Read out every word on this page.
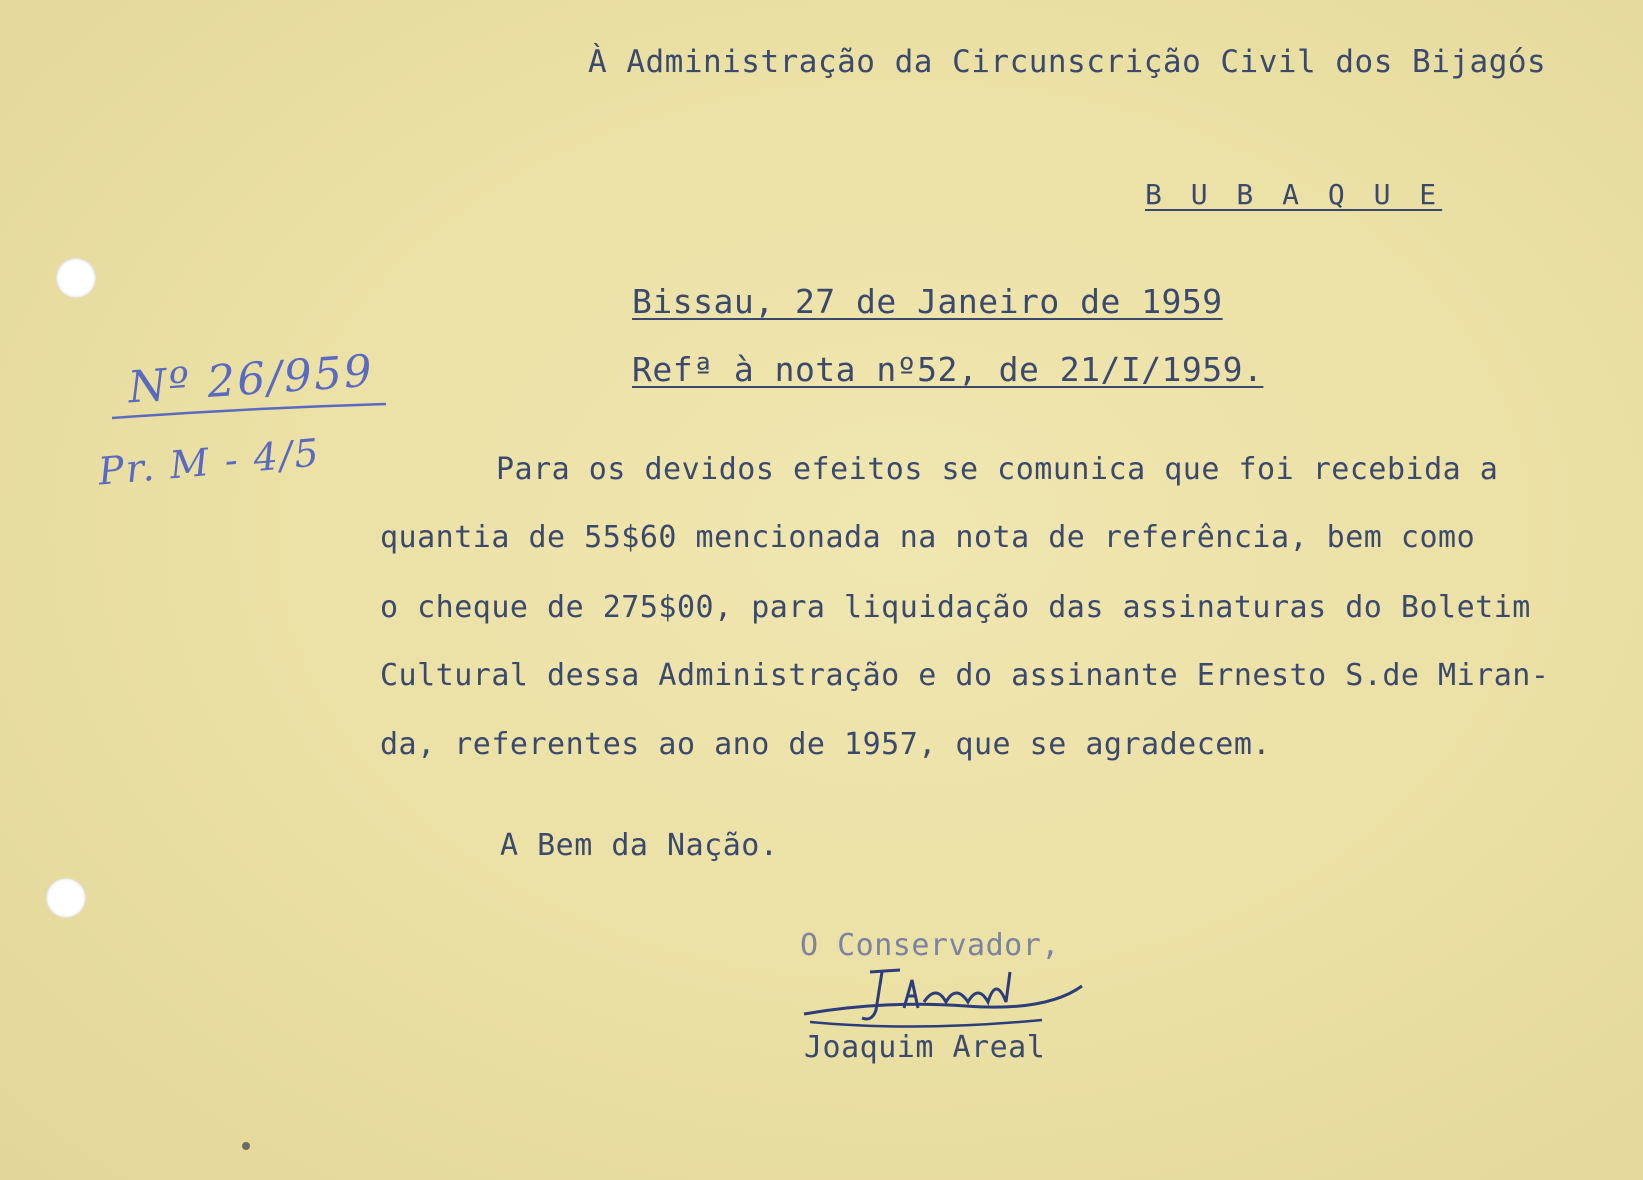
À Administração da Circunscrição Civil dos Bijagós
B U B A Q U E
Bissau, 27 de Janeiro de 1959
Refª à nota nº52, de 21/I/1959.
Nº 26/959
Pr. M - 4/5	Para os devidos efeitos se comunica que foi recebida a
quantia de 55$60 mencionada na nota de referência, bem como
o cheque de 275$00, para liquidação das assinaturas do Boletim
Cultural dessa Administração e do assinante Ernesto S.de Miran-
da, referentes ao ano de 1957, que se agradecem.
A Bem da Nação.
O Conservador,
Joaquim Areal
